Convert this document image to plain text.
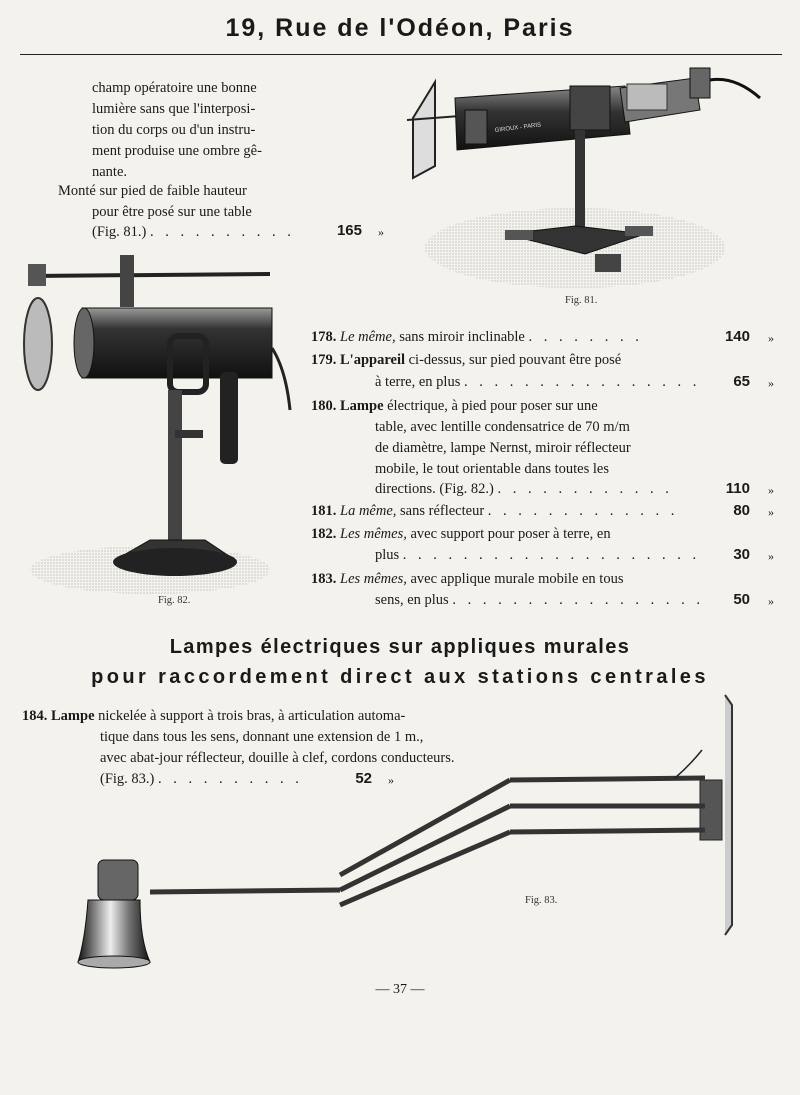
19, Rue de l'Odéon, Paris
champ opératoire une bonne
lumière sans que l'interposi-
tion du corps ou d'un instru-
ment produise une ombre gê-
nante.
Monté sur pied de faible hauteur
pour être posé sur une table
(Fig. 81.) . . . . . . . . . .	165 »
GIROUX - PARIS
Fig. 81.
Fig. 82.
178. Le même, sans miroir inclinable . . . . . . . .	140 »
179. L'appareil ci-dessus, sur pied pouvant être posé
à terre, en plus . . . . . . . . . . . . . . . .	65 »
180. Lampe électrique, à pied pour poser sur une
table, avec lentille condensatrice de 70 m/m
de diamètre, lampe Nernst, miroir réflecteur
mobile, le tout orientable dans toutes les
directions. (Fig. 82.) . . . . . . . . . . . .	110 »
181. La même, sans réflecteur . . . . . . . . . . . . .	80 »
182. Les mêmes, avec support pour poser à terre, en
plus . . . . . . . . . . . . . . . . . . . .	30 »
183. Les mêmes, avec applique murale mobile en tous
sens, en plus . . . . . . . . . . . . . . . . .	50 »
Lampes électriques sur appliques murales
pour raccordement direct aux stations centrales
184. Lampe nickelée à support à trois bras, à articulation automa-
tique dans tous les sens, donnant une extension de 1 m.,
avec abat-jour réflecteur, douille à clef, cordons conducteurs.
(Fig. 83.) . . . . . . . . . .	52 »
Fig. 83.
— 37 —
